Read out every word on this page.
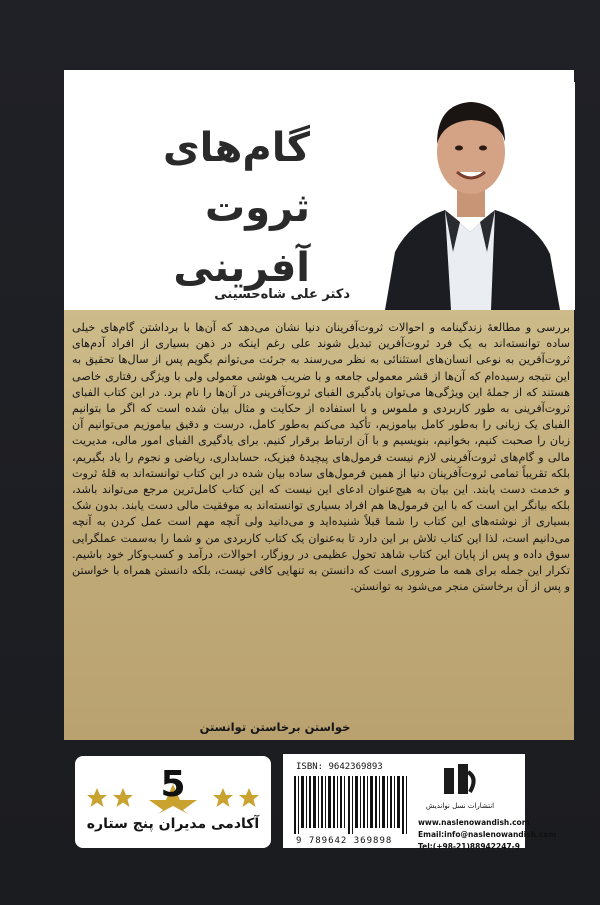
گام‌های ثروت آفرینی
دکتر علی شاه‌حسینی
بررسی و مطالعهٔ زندگینامه و احوالات ثروت‌آفرینان دنیا نشان می‌دهد که آن‌ها با برداشتن گام‌های خیلی ساده توانسته‌اند به یک فرد ثروت‌آفرین تبدیل شوند علی رغم اینکه در ذهن بسیاری از افراد آدم‌های ثروت‌آفرین به نوعی انسان‌های استثنائی به نظر می‌رسند به جرئت می‌توانم بگویم پس از سال‌ها تحقیق به این نتیجه رسیده‌ام که آن‌ها از قشر معمولی جامعه و با ضریب هوشی معمولی ولی با ویژگی رفتاری خاصی هستند که از جملهٔ این ویژگی‌ها می‌توان یادگیری الفبای ثروت‌آفرینی در آن‌ها را نام برد. در این کتاب الفبای ثروت‌آفرینی به طور کاربردی و ملموس و با استفاده از حکایت و مثال بیان شده است که اگر ما بتوانیم الفبای یک زبانی را به‌طور کامل بیاموزیم، تأکید می‌کنم به‌طور کامل، درست و دقیق بیاموزیم می‌توانیم آن زبان را صحبت کنیم، بخوانیم، بنویسیم و با آن ارتباط برقرار کنیم. برای یادگیری الفبای امور مالی، مدیریت مالی و گام‌های ثروت‌آفرینی لازم نیست فرمول‌های پیچیدهٔ فیزیک، حسابداری، ریاضی و نجوم را یاد بگیریم، بلکه تقریباً تمامی ثروت‌آفرینان دنیا از همین فرمول‌های ساده بیان شده در این کتاب توانسته‌اند به قلهٔ ثروت و خدمت دست یابند. این بیان به هیچ‌عنوان ادعای این نیست که این کتاب کامل‌ترین مرجع می‌تواند باشد، بلکه بیانگر این است که با این فرمول‌ها هم افراد بسیاری توانسته‌اند به موفقیت مالی دست یابند. بدون شک بسیاری از نوشته‌های این کتاب را شما قبلاً شنیده‌اید و می‌دانید ولی آنچه مهم است عمل کردن به آنچه می‌دانیم است، لذا این کتاب تلاش بر این دارد تا به‌عنوان یک کتاب کاربردی من و شما را به‌سمت عملگرایی سوق داده و پس از پایان این کتاب شاهد تحول عظیمی در روزگار، احوالات، درآمد و کسب‌وکار خود باشیم. تکرار این جمله برای همه ما ضروری است که دانستن به تنهایی کافی نیست، بلکه دانستن همراه با خواستن و پس از آن برخاستن منجر می‌شود به توانستن.
خواستن برخاستن توانستن
5
آکادمی مدیران پنج ستاره
ISBN: 9642369893
9 789642 369898
انتشارات نسل نواندیش
www.naslenowandish.com
Email:info@naslenowandish.com
Tel:(+98-21)88942247-9
